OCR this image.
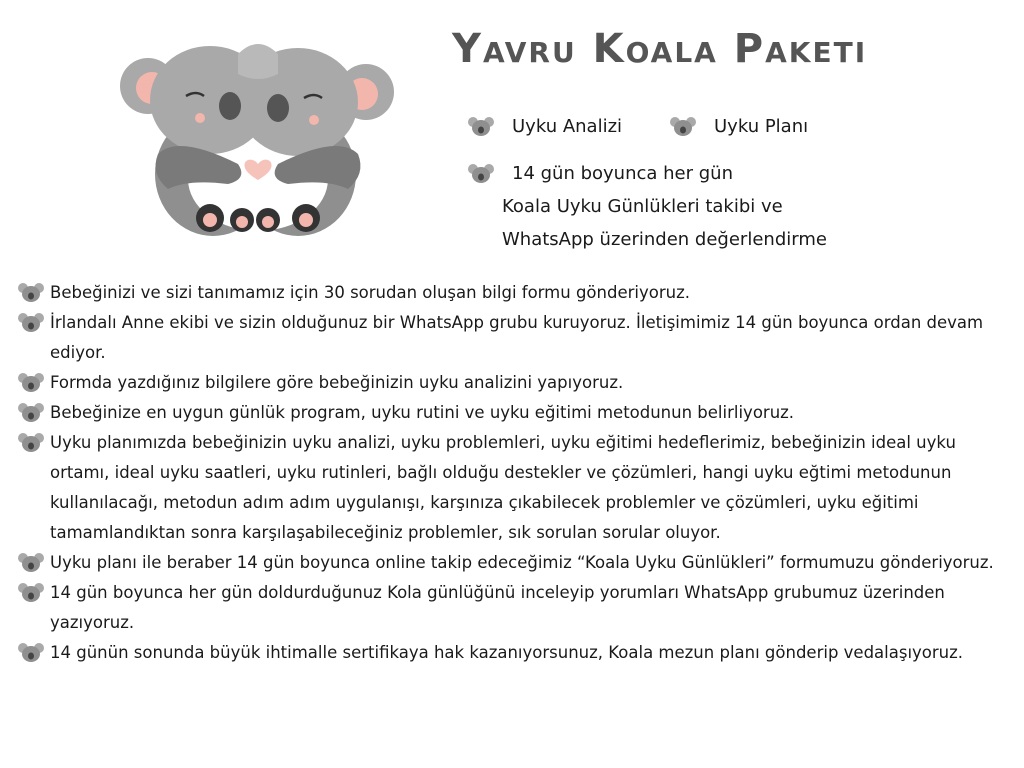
Yavru Koala Paketi
Uyku Analizi	Uyku Planı
14 gün boyunca her gün
Koala Uyku Günlükleri takibi ve
WhatsApp üzerinden değerlendirme
Bebeğinizi ve sizi tanımamız için 30 sorudan oluşan bilgi formu gönderiyoruz.
İrlandalı Anne ekibi ve sizin olduğunuz bir WhatsApp grubu kuruyoruz. İletişimimiz 14 gün boyunca ordan devam ediyor.
Formda yazdığınız bilgilere göre bebeğinizin uyku analizini yapıyoruz.
Bebeğinize en uygun günlük program, uyku rutini ve uyku eğitimi metodunun belirliyoruz.
Uyku planımızda bebeğinizin uyku analizi, uyku problemleri, uyku eğitimi hedeflerimiz, bebeğinizin ideal uyku ortamı, ideal uyku saatleri, uyku rutinleri, bağlı olduğu destekler ve çözümleri, hangi uyku eğtimi metodunun kullanılacağı, metodun adım adım uygulanışı, karşınıza çıkabilecek problemler ve çözümleri, uyku eğitimi tamamlandıktan sonra karşılaşabileceğiniz problemler, sık sorulan sorular oluyor.
Uyku planı ile beraber 14 gün boyunca online takip edeceğimiz “Koala Uyku Günlükleri” formumuzu gönderiyoruz.
14 gün boyunca her gün doldurduğunuz Kola günlüğünü inceleyip yorumları WhatsApp grubumuz üzerinden yazıyoruz.
14 günün sonunda büyük ihtimalle sertifikaya hak kazanıyorsunuz, Koala mezun planı gönderip vedalaşıyoruz.
